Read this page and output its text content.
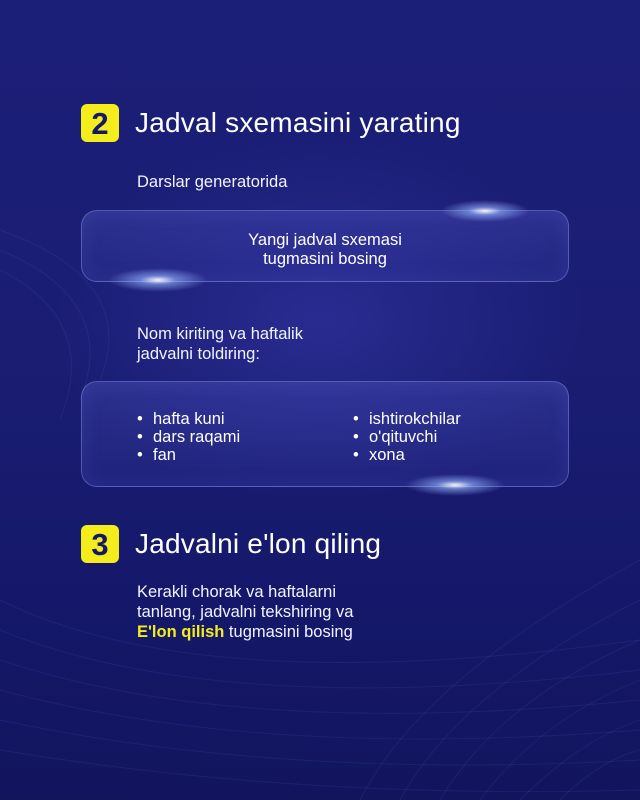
2 Jadval sxemasini yarating
Darslar generatorida
Yangi jadval sxemasi
tugmasini bosing
Nom kiriting va haftalik
jadvalni toldiring:
• hafta kuni
• dars raqami
• fan
• ishtirokchilar
• o'qituvchi
• xona
3 Jadvalni e'lon qiling
Kerakli chorak va haftalarni
tanlang, jadvalni tekshiring va
E'lon qilish tugmasini bosing
